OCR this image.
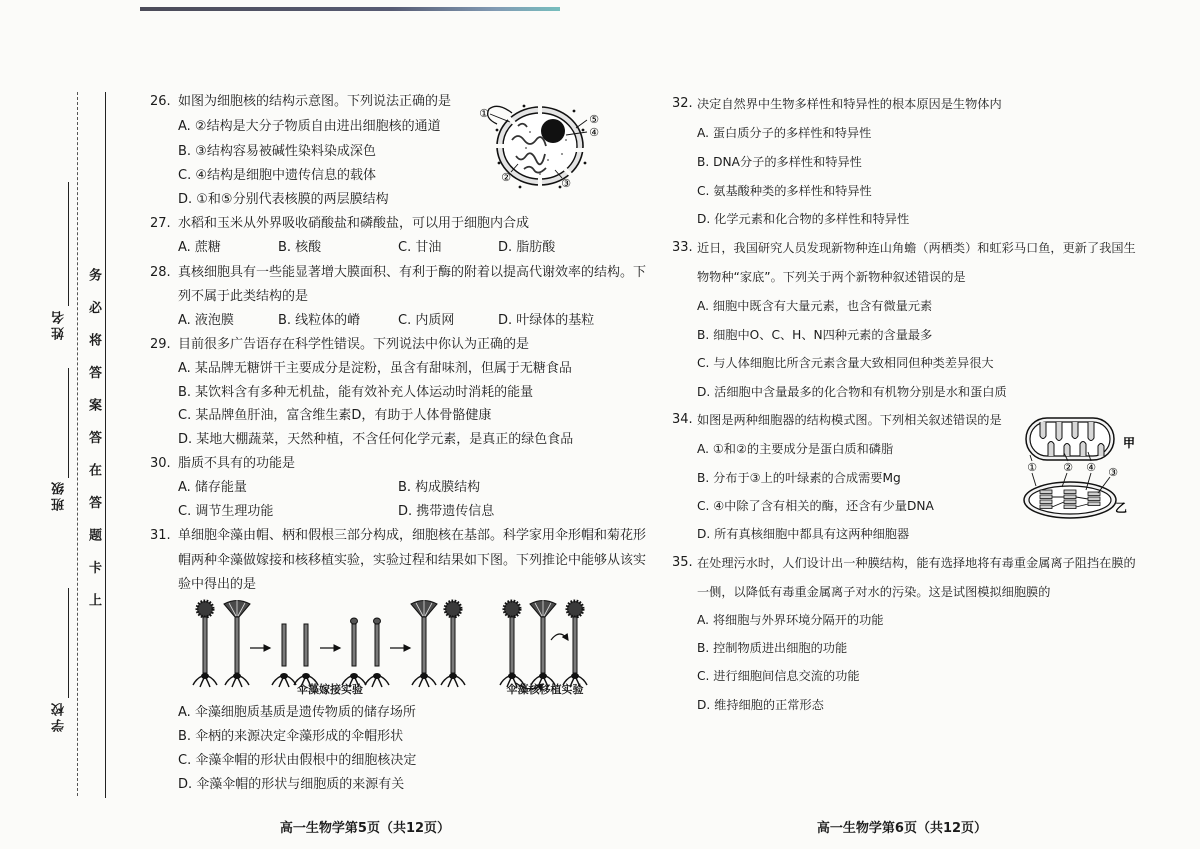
姓名
班级
学校
务必将答案答在答题卡上
26. 如图为细胞核的结构示意图。下列说法正确的是
A. ②结构是大分子物质自由进出细胞核的通道
B. ③结构容易被碱性染料染成深色
C. ④结构是细胞中遗传信息的载体
D. ①和⑤分别代表核膜的两层膜结构
①
②	③
⑤
④
27. 水稻和玉米从外界吸收硝酸盐和磷酸盐，可以用于细胞内合成
A. 蔗糖	B. 核酸	C. 甘油	D. 脂肪酸
28. 真核细胞具有一些能显著增大膜面积、有利于酶的附着以提高代谢效率的结构。下
列不属于此类结构的是
A. 液泡膜	B. 线粒体的嵴	C. 内质网	D. 叶绿体的基粒
29. 目前很多广告语存在科学性错误。下列说法中你认为正确的是
A. 某品牌无糖饼干主要成分是淀粉，虽含有甜味剂，但属于无糖食品
B. 某饮料含有多种无机盐，能有效补充人体运动时消耗的能量
C. 某品牌鱼肝油，富含维生素D，有助于人体骨骼健康
D. 某地大棚蔬菜，天然种植，不含任何化学元素，是真正的绿色食品
30. 脂质不具有的功能是
A. 储存能量	B. 构成膜结构
C. 调节生理功能	D. 携带遗传信息
31. 单细胞伞藻由帽、柄和假根三部分构成，细胞核在基部。科学家用伞形帽和菊花形
帽两种伞藻做嫁接和核移植实验，实验过程和结果如下图。下列推论中能够从该实
验中得出的是
伞藻嫁接实验	伞藻核移植实验
A. 伞藻细胞质基质是遗传物质的储存场所
B. 伞柄的来源决定伞藻形成的伞帽形状
C. 伞藻伞帽的形状由假根中的细胞核决定
D. 伞藻伞帽的形状与细胞质的来源有关
高一生物学第5页（共12页）
32. 决定自然界中生物多样性和特异性的根本原因是生物体内
A. 蛋白质分子的多样性和特异性
B. DNA分子的多样性和特异性
C. 氨基酸种类的多样性和特异性
D. 化学元素和化合物的多样性和特异性
33. 近日，我国研究人员发现新物种连山角蟾（两栖类）和虹彩马口鱼，更新了我国生
物物种“家底”。下列关于两个新物种叙述错误的是
A. 细胞中既含有大量元素，也含有微量元素
B. 细胞中O、C、H、N四种元素的含量最多
C. 与人体细胞比所含元素含量大致相同但种类差异很大
D. 活细胞中含量最多的化合物和有机物分别是水和蛋白质
34. 如图是两种细胞器的结构模式图。下列相关叙述错误的是
A. ①和②的主要成分是蛋白质和磷脂
B. 分布于③上的叶绿素的合成需要Mg
C. ④中除了含有相关的酶，还含有少量DNA
D. 所有真核细胞中都具有这两种细胞器
① ② ④ ③
甲
乙
35. 在处理污水时，人们设计出一种膜结构，能有选择地将有毒重金属离子阻挡在膜的
一侧，以降低有毒重金属离子对水的污染。这是试图模拟细胞膜的
A. 将细胞与外界环境分隔开的功能
B. 控制物质进出细胞的功能
C. 进行细胞间信息交流的功能
D. 维持细胞的正常形态
高一生物学第6页（共12页）
